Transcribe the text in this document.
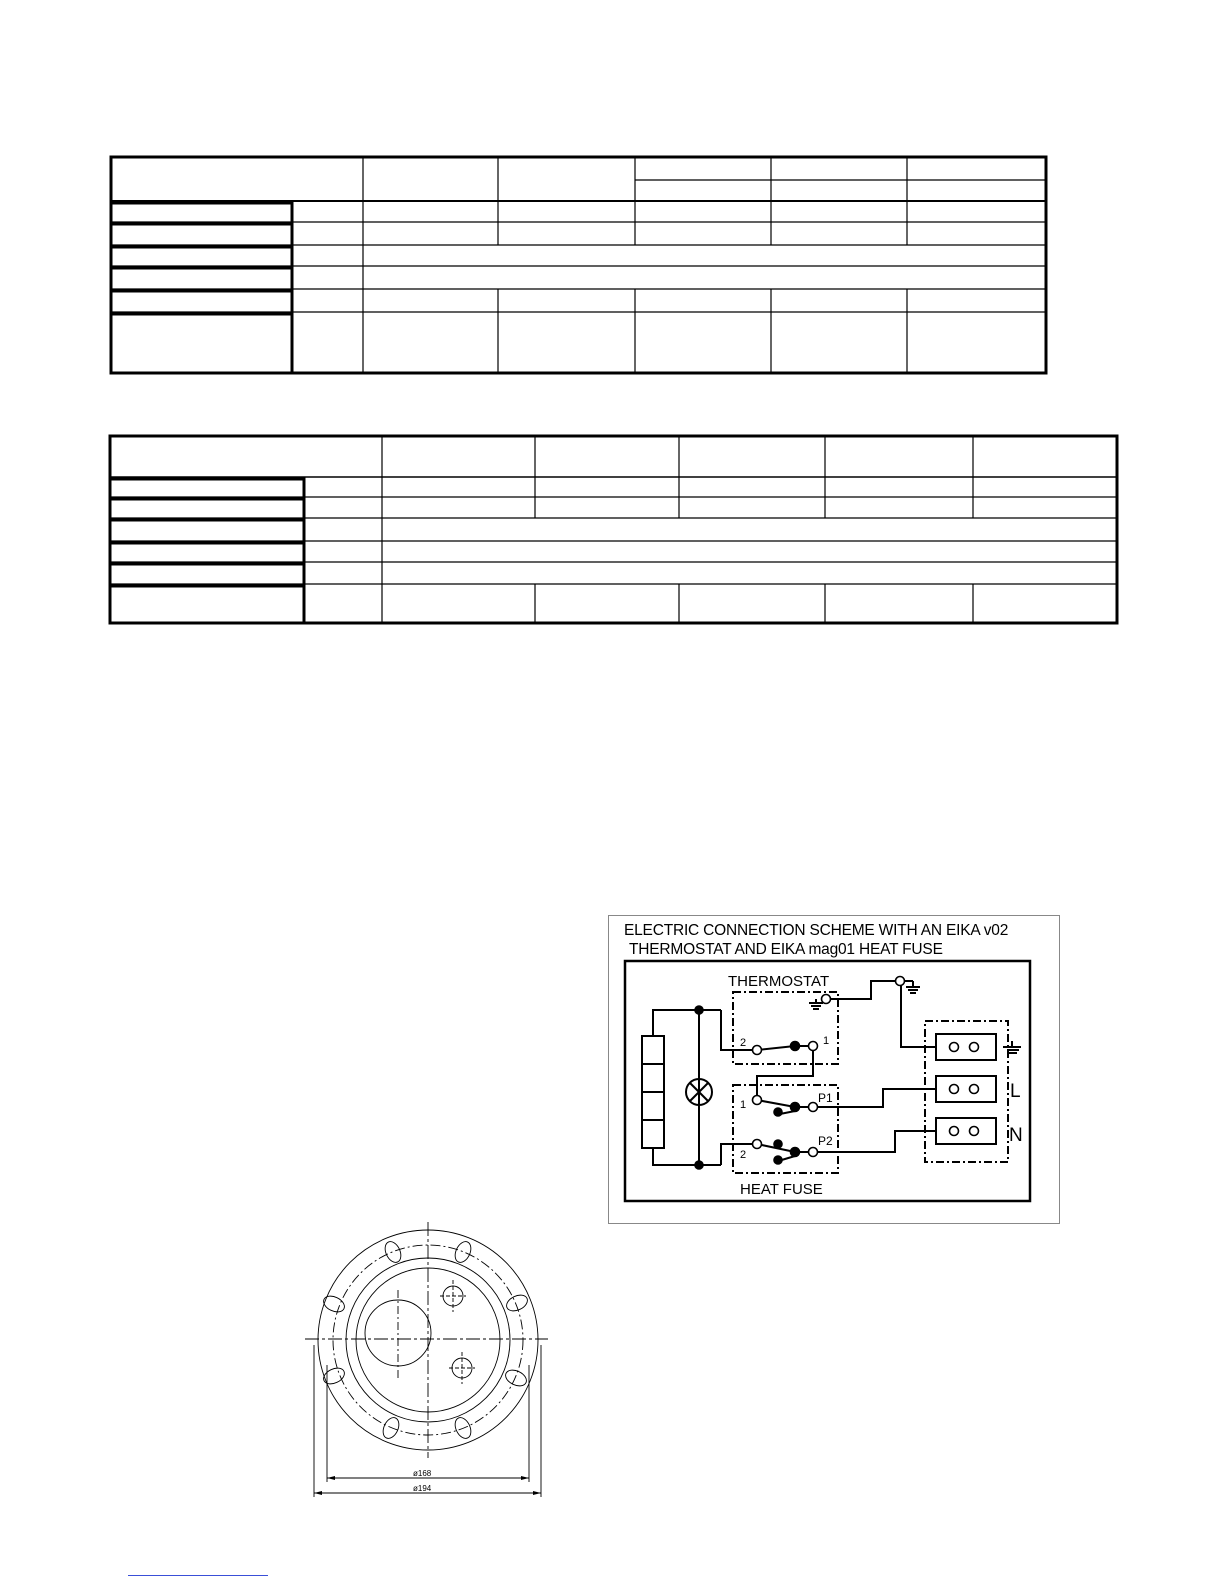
ELECTRIC CONNECTION SCHEME WITH AN EIKA v02
THERMOSTAT AND EIKA mag01 HEAT FUSE
THERMOSTAT
HEAT FUSE
2	1
1	P1
2
P2
L
N
ø168
ø194
